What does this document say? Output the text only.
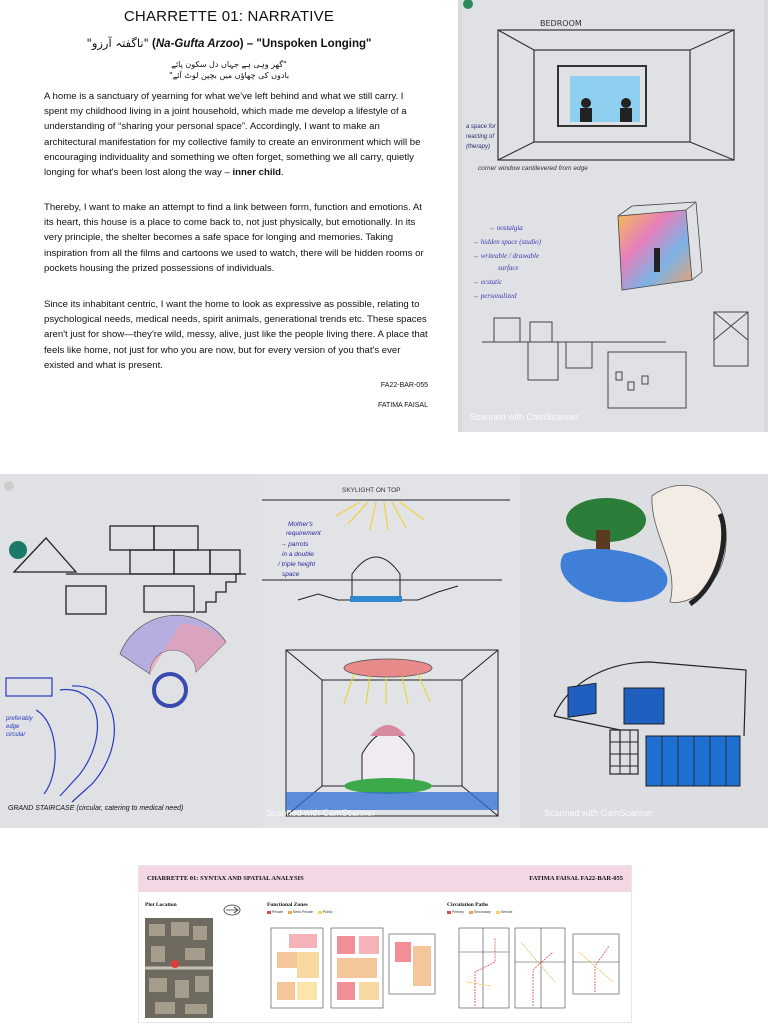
CHARRETTE 01: NARRATIVE
"ناگفتہ آرزو" (Na-Gufta Arzoo) – "Unspoken Longing"
"گھر وہی ہے جہاں دل سکون پائے
بادوں کی چھاؤں میں بچپن لوٹ آئے"
A home is a sanctuary of yearning for what we've left behind and what we still carry. I spent my childhood living in a joint household, which made me develop a lifestyle of a understanding of “sharing your personal space”. Accordingly, I want to make an architectural manifestation for my collective family to create an environment which will be encouraging individuality and something we often forget, something we all carry, quietly longing for what's been lost along the way – inner child.
Thereby, I want to make an attempt to find a link between form, function and emotions. At its heart, this house is a place to come back to, not just physically, but emotionally. In its very principle, the shelter becomes a safe space for longing and memories. Taking inspiration from all the films and cartoons we used to watch, there will be hidden rooms or pockets housing the prized possessions of individuals.
Since its inhabitant centric, I want the home to look as expressive as possible, relating to psychological needs, medical needs, spirit animals, generational trends etc. These spaces aren't just for show—they're wild, messy, alive, just like the people living there. A place that feels like home, not just for who you are now, but for every version of you that's ever existed and what is present.
FA22-BAR-055
FATIMA FAISAL
BEDROOM
a space for
reacting of
(therapy)
corner window cantilevered from edge
→ nostalgia
→ hidden space (studio)
→ writeable / drawable
surface
→ ecstatic
→ personalized
Scanned with CamScanner
preferably
edge
circular
GRAND STAIRCASE (circular, catering to medical need)
SKYLIGHT ON TOP
Mother's
requirement
→ parrots
in a double
/ triple height
space
Scanned with CamScanner	Scanned with CamScanner
CHARRETTE 01: SYNTAX AND SPATIAL ANALYSIS	FATIMA FAISAL FA22-BAR-055
Plot Location	Functional Zones
Private	Semi-Private	Public
Circulation Paths
Primary	Secondary	Service
